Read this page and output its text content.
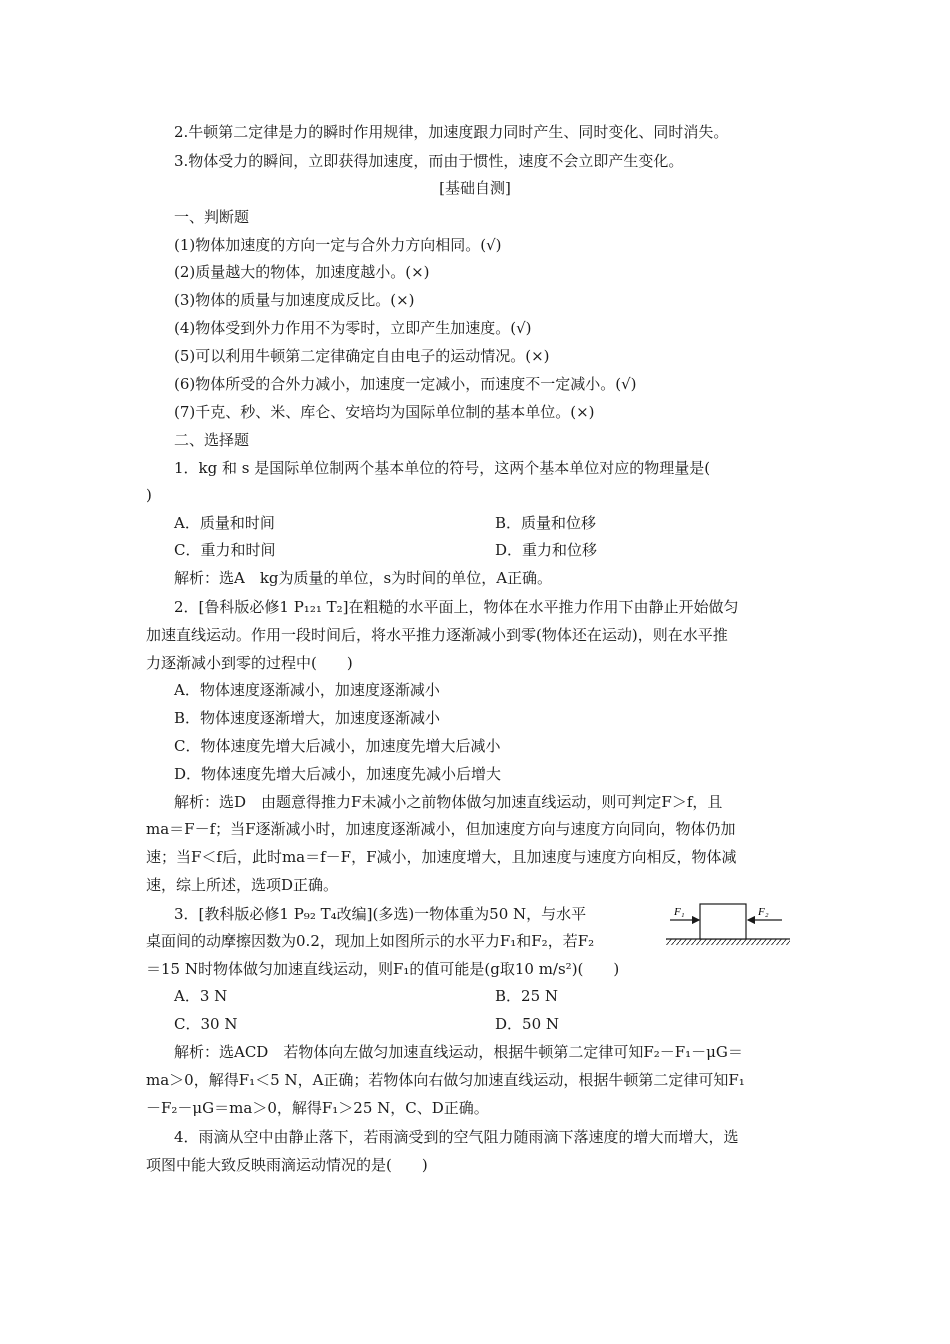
2.牛顿第二定律是力的瞬时作用规律，加速度跟力同时产生、同时变化、同时消失。
3.物体受力的瞬间，立即获得加速度，而由于惯性，速度不会立即产生变化。
[基础自测]
一、判断题
(1)物体加速度的方向一定与合外力方向相同。(√)
(2)质量越大的物体，加速度越小。(×)
(3)物体的质量与加速度成反比。(×)
(4)物体受到外力作用不为零时，立即产生加速度。(√)
(5)可以利用牛顿第二定律确定自由电子的运动情况。(×)
(6)物体所受的合外力减小，加速度一定减小，而速度不一定减小。(√)
(7)千克、秒、米、库仑、安培均为国际单位制的基本单位。(×)
二、选择题
1．kg 和 s 是国际单位制两个基本单位的符号，这两个基本单位对应的物理量是(
)
A．质量和时间	B．质量和位移
C．重力和时间	D．重力和位移
解析：选A　kg为质量的单位，s为时间的单位，A正确。
2．[鲁科版必修1 P₁₂₁ T₂]在粗糙的水平面上，物体在水平推力作用下由静止开始做匀
加速直线运动。作用一段时间后，将水平推力逐渐减小到零(物体还在运动)，则在水平推
力逐渐减小到零的过程中(　　)
A．物体速度逐渐减小，加速度逐渐减小
B．物体速度逐渐增大，加速度逐渐减小
C．物体速度先增大后减小，加速度先增大后减小
D．物体速度先增大后减小，加速度先减小后增大
解析：选D　由题意得推力F未减小之前物体做匀加速直线运动，则可判定F＞f，且
ma＝F－f；当F逐渐减小时，加速度逐渐减小，但加速度方向与速度方向同向，物体仍加
速；当F＜f后，此时ma＝f－F，F减小，加速度增大，且加速度与速度方向相反，物体减
速，综上所述，选项D正确。
3．[教科版必修1 P₉₂ T₄改编](多选)一物体重为50 N，与水平
桌面间的动摩擦因数为0.2，现加上如图所示的水平力F₁和F₂，若F₂
＝15 N时物体做匀加速直线运动，则F₁的值可能是(g取10 m/s²)(　　)
F₁	F₂
A．3 N	B．25 N
C．30 N	D．50 N
解析：选ACD　若物体向左做匀加速直线运动，根据牛顿第二定律可知F₂－F₁－μG＝
ma＞0，解得F₁＜5 N，A正确；若物体向右做匀加速直线运动，根据牛顿第二定律可知F₁
－F₂－μG＝ma＞0，解得F₁＞25 N，C、D正确。
4．雨滴从空中由静止落下，若雨滴受到的空气阻力随雨滴下落速度的增大而增大，选
项图中能大致反映雨滴运动情况的是(　　)
